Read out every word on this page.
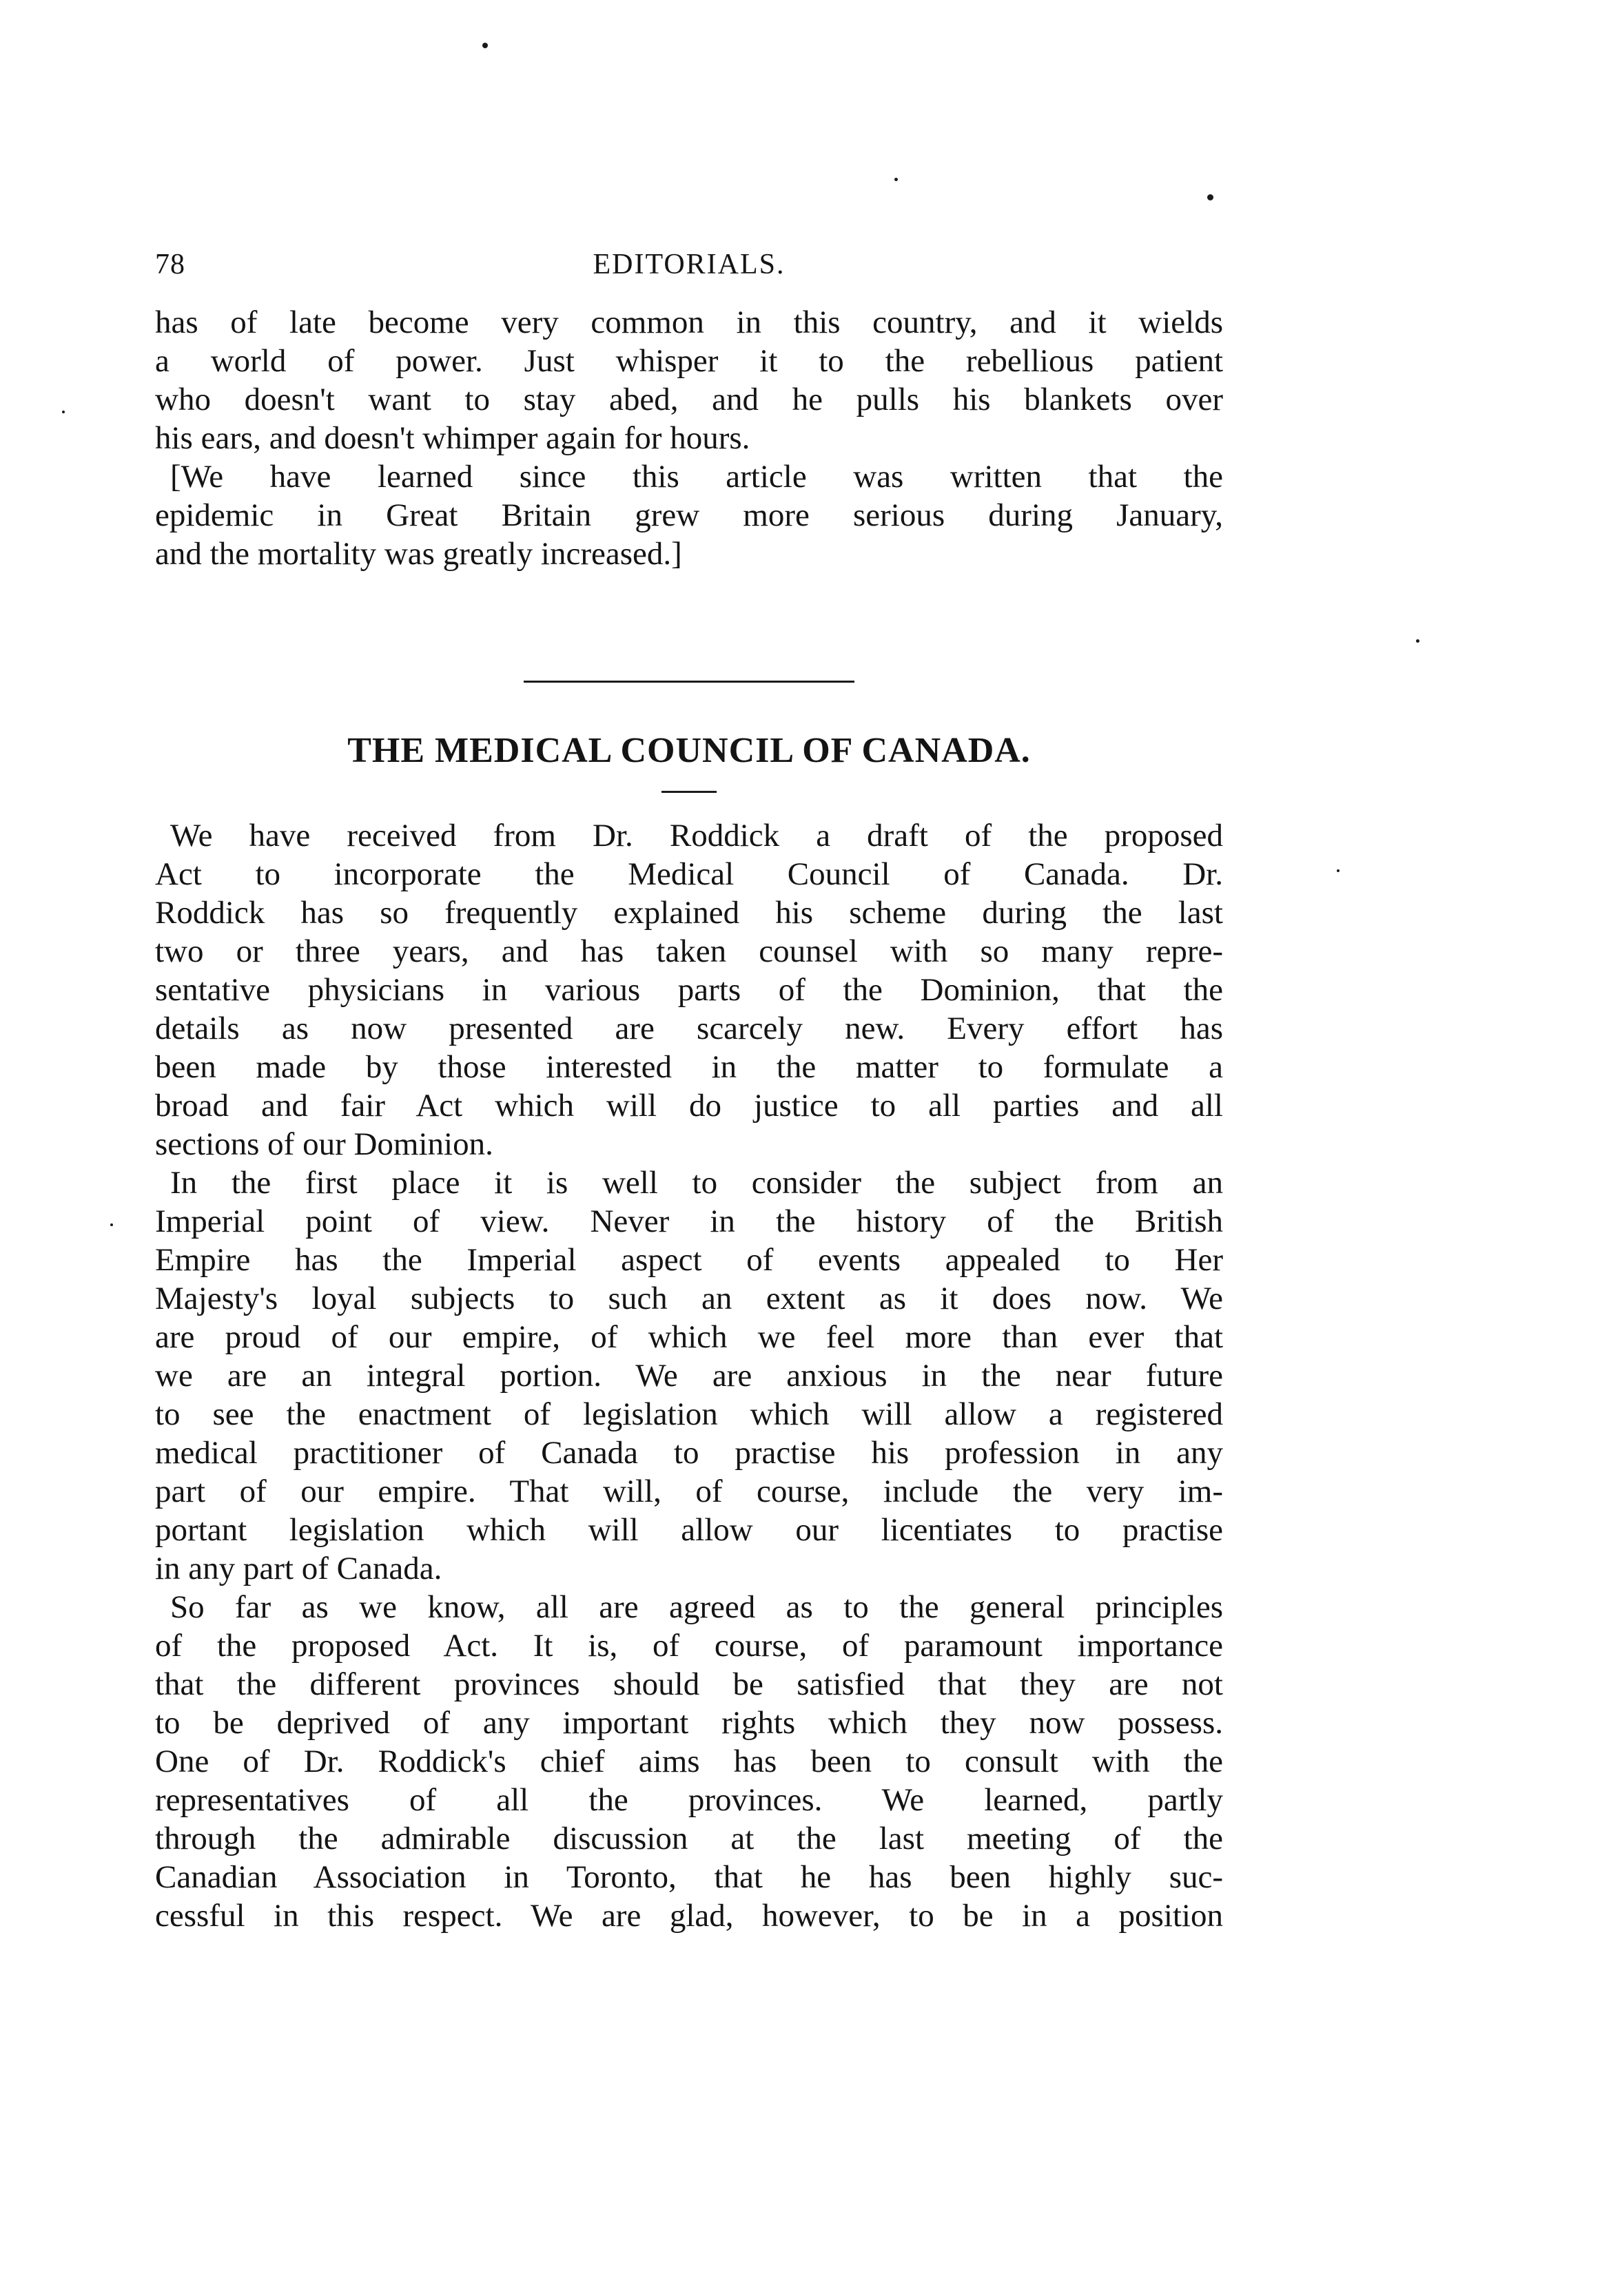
78	EDITORIALS.
has of late become very common in this country, and it wields
a world of power. Just whisper it to the rebellious patient
who doesn't want to stay abed, and he pulls his blankets over
his ears, and doesn't whimper again for hours.
[We have learned since this article was written that the
epidemic in Great Britain grew more serious during January,
and the mortality was greatly increased.]
THE MEDICAL COUNCIL OF CANADA.
We have received from Dr. Roddick a draft of the proposed
Act to incorporate the Medical Council of Canada. Dr.
Roddick has so frequently explained his scheme during the last
two or three years, and has taken counsel with so many repre-
sentative physicians in various parts of the Dominion, that the
details as now presented are scarcely new. Every effort has
been made by those interested in the matter to formulate a
broad and fair Act which will do justice to all parties and all
sections of our Dominion.
In the first place it is well to consider the subject from an
Imperial point of view. Never in the history of the British
Empire has the Imperial aspect of events appealed to Her
Majesty's loyal subjects to such an extent as it does now. We
are proud of our empire, of which we feel more than ever that
we are an integral portion. We are anxious in the near future
to see the enactment of legislation which will allow a registered
medical practitioner of Canada to practise his profession in any
part of our empire. That will, of course, include the very im-
portant legislation which will allow our licentiates to practise
in any part of Canada.
So far as we know, all are agreed as to the general principles
of the proposed Act. It is, of course, of paramount importance
that the different provinces should be satisfied that they are not
to be deprived of any important rights which they now possess.
One of Dr. Roddick's chief aims has been to consult with the
representatives of all the provinces. We learned, partly
through the admirable discussion at the last meeting of the
Canadian Association in Toronto, that he has been highly suc-
cessful in this respect. We are glad, however, to be in a position
